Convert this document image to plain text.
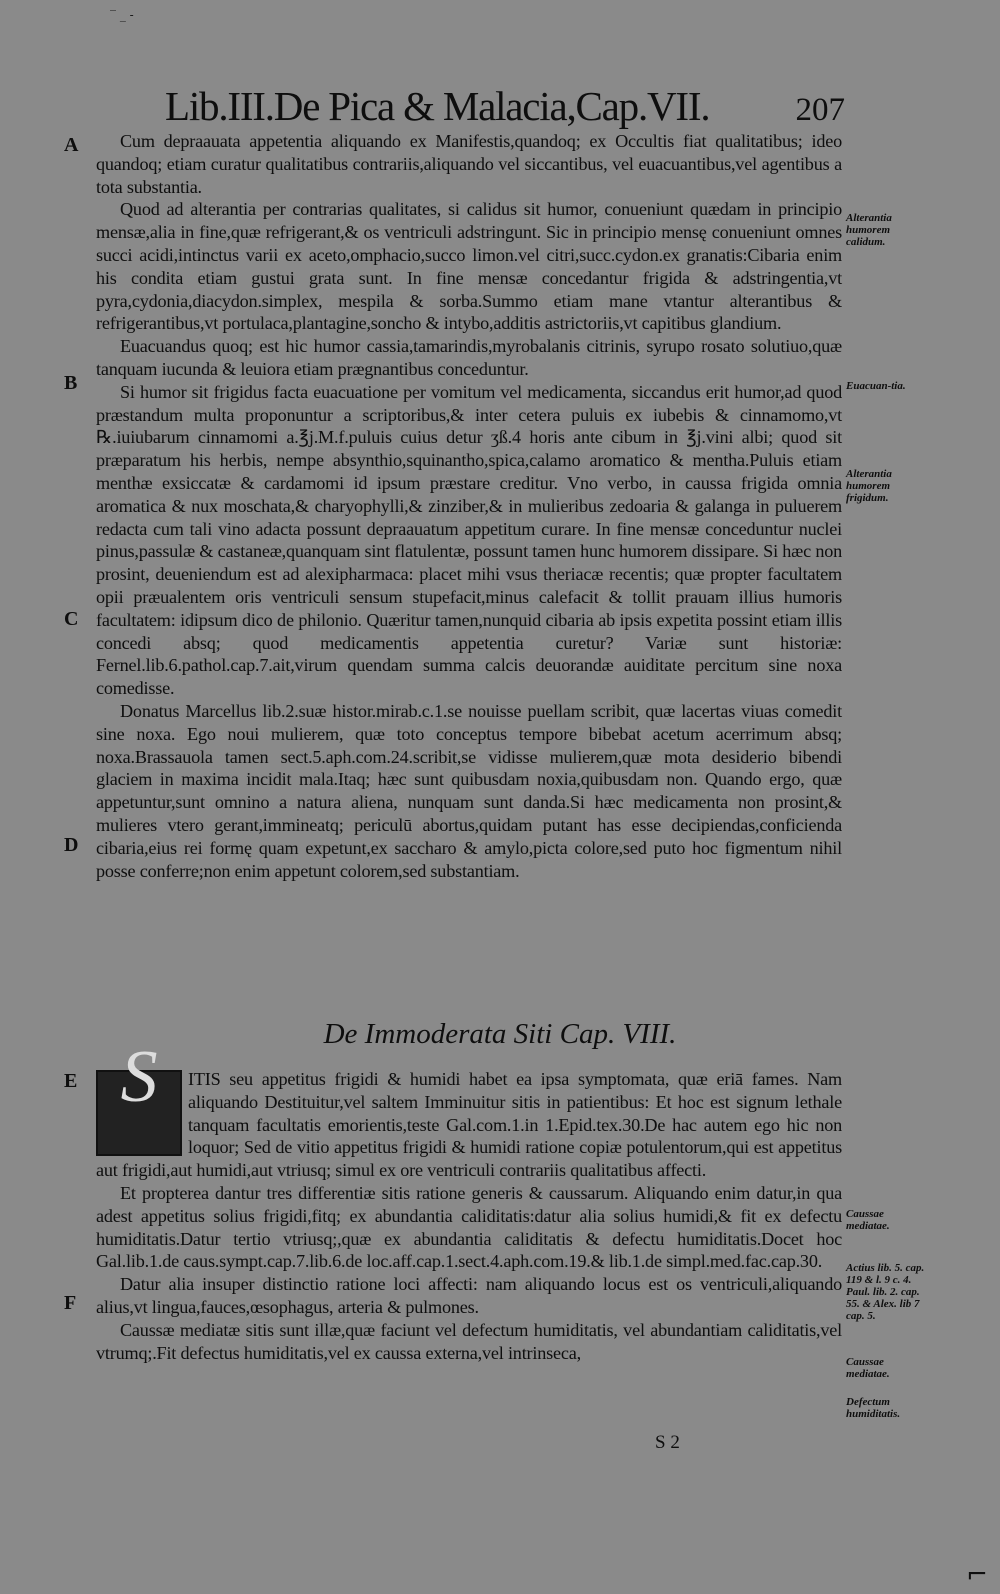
‾ _ -
Lib.III.De Pica & Malacia,Cap.VII.	207
A
B
C
D
E
F
Alterantia humorem calidum.
Euacuan-tia.
Alterantia humorem frigidum.
Caussae mediatae.
Actius lib. 5. cap. 119 & l. 9 c. 4. Paul. lib. 2. cap. 55. & Alex. lib 7 cap. 5.
Caussae mediatae.
Defectum humiditatis.

Cum depraauata appetentia aliquando ex Manifestis,quandoq; ex Occultis fiat qualitatibus; ideo quandoq; etiam curatur qualitatibus contrariis,aliquando vel siccantibus, vel euacuantibus,vel agentibus a tota substantia.

Quod ad alterantia per contrarias qualitates, si calidus sit humor, conueniunt quædam in principio mensæ,alia in fine,quæ refrigerant,& os ventriculi adstringunt. Sic in principio mensę conueniunt omnes succi acidi,intinctus varii ex aceto,omphacio,succo limon.vel citri,succ.cydon.ex granatis:Cibaria enim his condita etiam gustui grata sunt. In fine mensæ concedantur frigida & adstringentia,vt pyra,cydonia,diacydon.simplex, mespila & sorba.Summo etiam mane vtantur alterantibus & refrigerantibus,vt portulaca,plantagine,soncho & intybo,additis astrictoriis,vt capitibus glandium.

Euacuandus quoq; est hic humor cassia,tamarindis,myrobalanis citrinis, syrupo rosato solutiuo,quæ tanquam iucunda & leuiora etiam prægnantibus conceduntur.

Si humor sit frigidus facta euacuatione per vomitum vel medicamenta, siccandus erit humor,ad quod præstandum multa proponuntur a scriptoribus,& inter cetera puluis ex iubebis & cinnamomo,vt ℞.iuiubarum cinnamomi a.℥j.M.f.puluis cuius detur ʒß.4 horis ante cibum in ℥j.vini albi; quod sit præparatum his herbis, nempe absynthio,squinantho,spica,calamo aromatico & mentha.Puluis etiam menthæ exsiccatæ & cardamomi id ipsum præstare creditur. Vno verbo, in caussa frigida omnia aromatica & nux moschata,& charyophylli,& zinziber,& in mulieribus zedoaria & galanga in puluerem redacta cum tali vino adacta possunt depraauatum appetitum curare. In fine mensæ conceduntur nuclei pinus,passulæ & castaneæ,quanquam sint flatulentæ, possunt tamen hunc humorem dissipare. Si hæc non prosint, deueniendum est ad alexipharmaca: placet mihi vsus theriacæ recentis; quæ propter facultatem opii præualentem oris ventriculi sensum stupefacit,minus calefacit & tollit prauam illius humoris facultatem: idipsum dico de philonio. Quæritur tamen,nunquid cibaria ab ipsis expetita possint etiam illis concedi absq; quod medicamentis appetentia curetur? Variæ sunt historiæ: Fernel.lib.6.pathol.cap.7.ait,virum quendam summa calcis deuorandæ auiditate percitum sine noxa comedisse.

Donatus Marcellus lib.2.suæ histor.mirab.c.1.se nouisse puellam scribit, quæ lacertas viuas comedit sine noxa. Ego noui mulierem, quæ toto conceptus tempore bibebat acetum acerrimum absq; noxa.Brassauola tamen sect.5.aph.com.24.scribit,se vidisse mulierem,quæ mota desiderio bibendi glaciem in maxima incidit mala.Itaq; hæc sunt quibusdam noxia,quibusdam non. Quando ergo, quæ appetuntur,sunt omnino a natura aliena, nunquam sunt danda.Si hæc medicamenta non prosint,& mulieres vtero gerant,immineatq; periculū abortus,quidam putant has esse decipiendas,conficienda cibaria,eius rei formę quam expetunt,ex saccharo & amylo,picta colore,sed puto hoc figmentum nihil posse conferre;non enim appetunt colorem,sed substantiam.

De Immoderata Siti Cap. VIII.
S	ITIS seu appetitus frigidi & humidi habet ea ipsa symptomata, quæ eriā fames. Nam aliquando Destituitur,vel saltem Imminuitur sitis in patientibus: Et hoc est signum lethale tanquam facultatis emorientis,teste Gal.com.1.in 1.Epid.tex.30.De hac autem ego hic non loquor; Sed de vitio appetitus frigidi & humidi ratione copiæ potulentorum,qui est appetitus aut frigidi,aut humidi,aut vtriusq; simul ex ore ventriculi contrariis qualitatibus affecti.

Et propterea dantur tres differentiæ sitis ratione generis & caussarum. Aliquando enim datur,in qua adest appetitus solius frigidi,fitq; ex abundantia caliditatis:datur alia solius humidi,& fit ex defectu humiditatis.Datur tertio vtriusq;,quæ ex abundantia caliditatis & defectu humiditatis.Docet hoc Gal.lib.1.de caus.sympt.cap.7.lib.6.de loc.aff.cap.1.sect.4.aph.com.19.& lib.1.de simpl.med.fac.cap.30.

Datur alia insuper distinctio ratione loci affecti: nam aliquando locus est os ventriculi,aliquando alius,vt lingua,fauces,œsophagus, arteria & pulmones.

Caussæ mediatæ sitis sunt illæ,quæ faciunt vel defectum humiditatis, vel abundantiam caliditatis,vel vtrumq;.Fit defectus humiditatis,vel ex caussa externa,vel intrinseca,

S 2
⌐
